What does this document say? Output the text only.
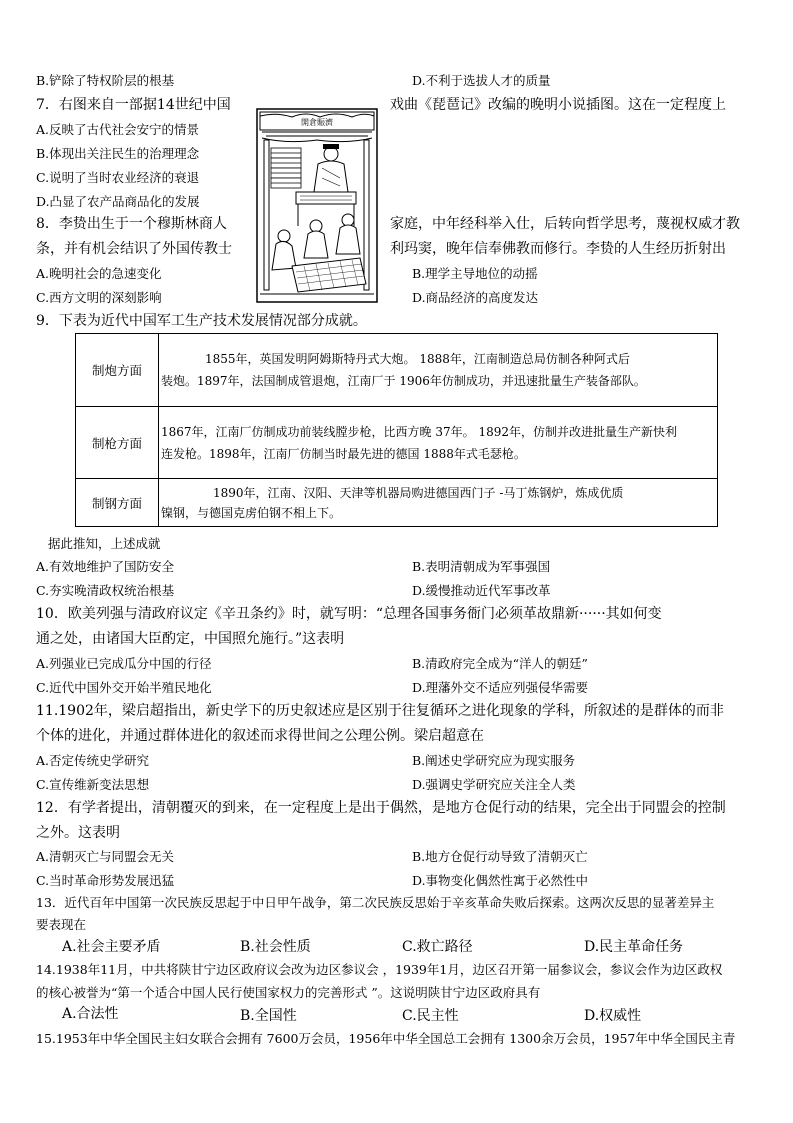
B.铲除了特权阶层的根基	D.不利于选拔人才的质量
7．右图来自一部据14世纪中国	戏曲《琵琶记》改编的晚明小说插图。这在一定程度上
A.反映了古代社会安宁的情景
B.体现出关注民生的治理理念
C.说明了当时农业经济的衰退
D.凸显了农产品商品化的发展
開倉賑濟
8．李贽出生于一个穆斯林商人	家庭，中年经科举入仕，后转向哲学思考，蔑视权威才教
条，并有机会结识了外国传教士	利玛窦，晚年信奉佛教而修行。李贽的人生经历折射出
A.晚明社会的急速变化	B.理学主导地位的动摇
C.西方文明的深刻影响	D.商品经济的高度发达
9．下表为近代中国军工生产技术发展情况部分成就。
制炮方面	1855年，英国发明阿姆斯特丹式大炮。 1888年，江南制造总局仿制各种阿式后
装炮。1897年，法国制成管退炮，江南厂于 1906年仿制成功，并迅速批量生产装备部队。

制枪方面	1867年，江南厂仿制成功前装线膛步枪，比西方晚 37年。 1892年，仿制并改进批量生产新快利
连发枪。1898年，江南厂仿制当时最先进的德国 1888年式毛瑟枪。

制钢方面	1890年，江南、汉阳、天津等机器局购进德国西门子 -马丁炼钢炉，炼成优质
镍钢，与德国克虏伯钢不相上下。
据此推知，上述成就
A.有效地维护了国防安全	B.表明清朝成为军事强国
C.夯实晚清政权统治根基	D.缓慢推动近代军事改革
10．欧美列强与清政府议定《辛丑条约》时，就写明：“总理各国事务衙门必须革故鼎新······其如何变
通之处，由诸国大臣酌定，中国照允施行。”这表明
A.列强业已完成瓜分中国的行径	B.清政府完全成为“洋人的朝廷”
C.近代中国外交开始半殖民地化	D.理藩外交不适应列强侵华需要
11.1902年，梁启超指出，新史学下的历史叙述应是区别于往复循环之进化现象的学科，所叙述的是群体的而非
个体的进化，并通过群体进化的叙述而求得世间之公理公例。梁启超意在
A.否定传统史学研究	B.阐述史学研究应为现实服务
C.宣传维新变法思想	D.强调史学研究应关注全人类
12．有学者提出，清朝覆灭的到来，在一定程度上是出于偶然，是地方仓促行动的结果，完全出于同盟会的控制
之外。这表明
A.清朝灭亡与同盟会无关	B.地方仓促行动导致了清朝灭亡
C.当时革命形势发展迅猛	D.事物变化偶然性寓于必然性中
13．近代百年中国第一次民族反思起于中日甲午战争，第二次民族反思始于辛亥革命失败后探索。这两次反思的显著差异主
要表现在
A.社会主要矛盾	B.社会性质	C.救亡路径	D.民主革命任务
14.1938年11月，中共将陕甘宁边区政府议会改为边区参议会 ，1939年1月，边区召开第一届参议会，参议会作为边区政权
的核心被誉为“第一个适合中国人民行使国家权力的完善形式 ”。这说明陕甘宁边区政府具有
A.合法性	B.全国性	C.民主性	D.权威性
15.1953年中华全国民主妇女联合会拥有 7600万会员，1956年中华全国总工会拥有 1300余万会员，1957年中华全国民主青
